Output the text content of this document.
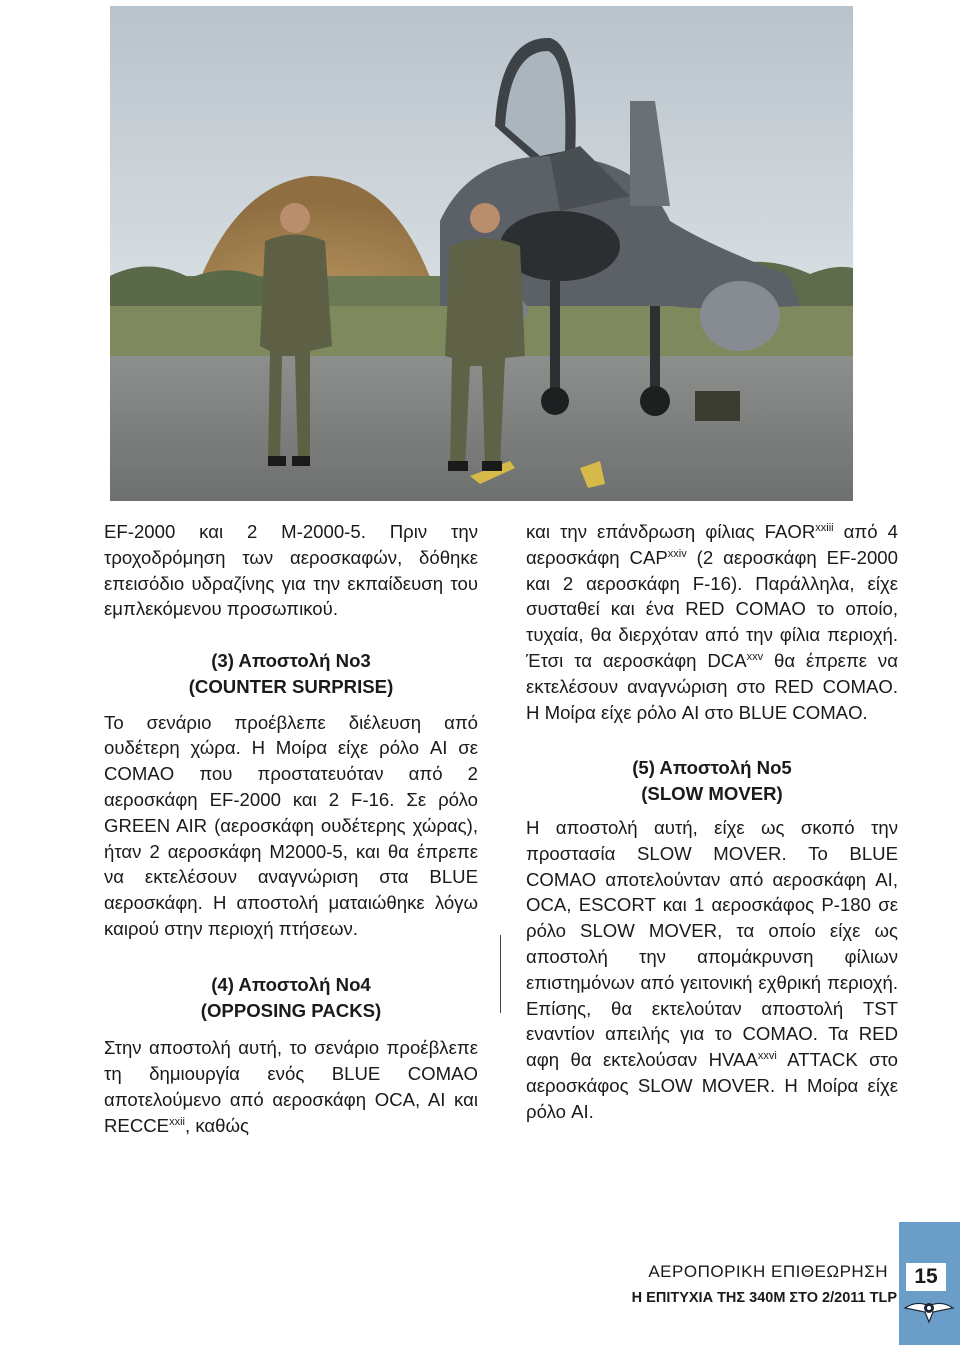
EF-2000 και 2 M-2000-5. Πριν την τροχοδρόμηση των αεροσκαφών, δόθηκε επεισόδιο υδραζίνης για την εκπαίδευση του εμπλεκόμενου προσωπικού.

(3) Αποστολή Νο3
(COUNTER SURPRISE)

Το σενάριο προέβλεπε διέλευση από ουδέτερη χώρα. Η Μοίρα είχε ρόλο AI σε COMAO που προστατευόταν από 2 αεροσκάφη EF-2000 και 2 F-16. Σε ρόλο GREEN AIR (αεροσκάφη ουδέτερης χώρας), ήταν 2 αεροσκάφη M2000-5, και θα έπρεπε να εκτελέσουν αναγνώριση στα BLUE αεροσκάφη. Η αποστολή ματαιώθηκε λόγω καιρού στην περιοχή πτήσεων.

(4) Αποστολή Νο4
(OPPOSING PACKS)

Στην αποστολή αυτή, το σενάριο προέβλεπε τη δημιουργία ενός BLUE COMAO αποτελούμενο από αεροσκάφη OCA, AI και RECCE$^{xxii}$, καθώς

και την επάνδρωση φίλιας $FAOR^{xxiii}$ από 4 αεροσκάφη CAP$^{xxiv}$ (2 αεροσκάφη EF-2000 και 2 αεροσκάφη F-16). Παράλληλα, είχε συσταθεί και ένα RED COMAO το οποίο, τυχαία, θα διερχόταν από την φίλια περιοχή. Έτσι τα αεροσκάφη DCA$^{xxv}$ θα έπρεπε να εκτελέσουν αναγνώριση στο RED COMAO. Η Μοίρα είχε ρόλο AI στο BLUE COMAO.

(5) Αποστολή Νο5
(SLOW MOVER)

Η αποστολή αυτή, είχε ως σκοπό την προστασία SLOW MOVER. Το BLUE COMAO αποτελούνταν από αεροσκάφη AI, OCA, ESCORT και 1 αεροσκάφος P-180 σε ρόλο SLOW MOVER, τα οποίο είχε ως αποστολή την απομάκρυνση φίλιων επιστημόνων από γειτονική εχθρική περιοχή. Επίσης, θα εκτελούταν αποστολή TST εναντίον απειλής για το COMAO. Τα RED αφη θα εκτελούσαν HVAA$^{xxvi}$ ATTACK στο αεροσκάφος SLOW MOVER. Η Μοίρα είχε ρόλο AI.

ΑΕΡΟΠΟΡΙΚΗ ΕΠΙΘΕΩΡΗΣΗ
Η ΕΠΙΤΥΧΙΑ ΤΗΣ 340Μ ΣΤΟ 2/2011 TLP
15
